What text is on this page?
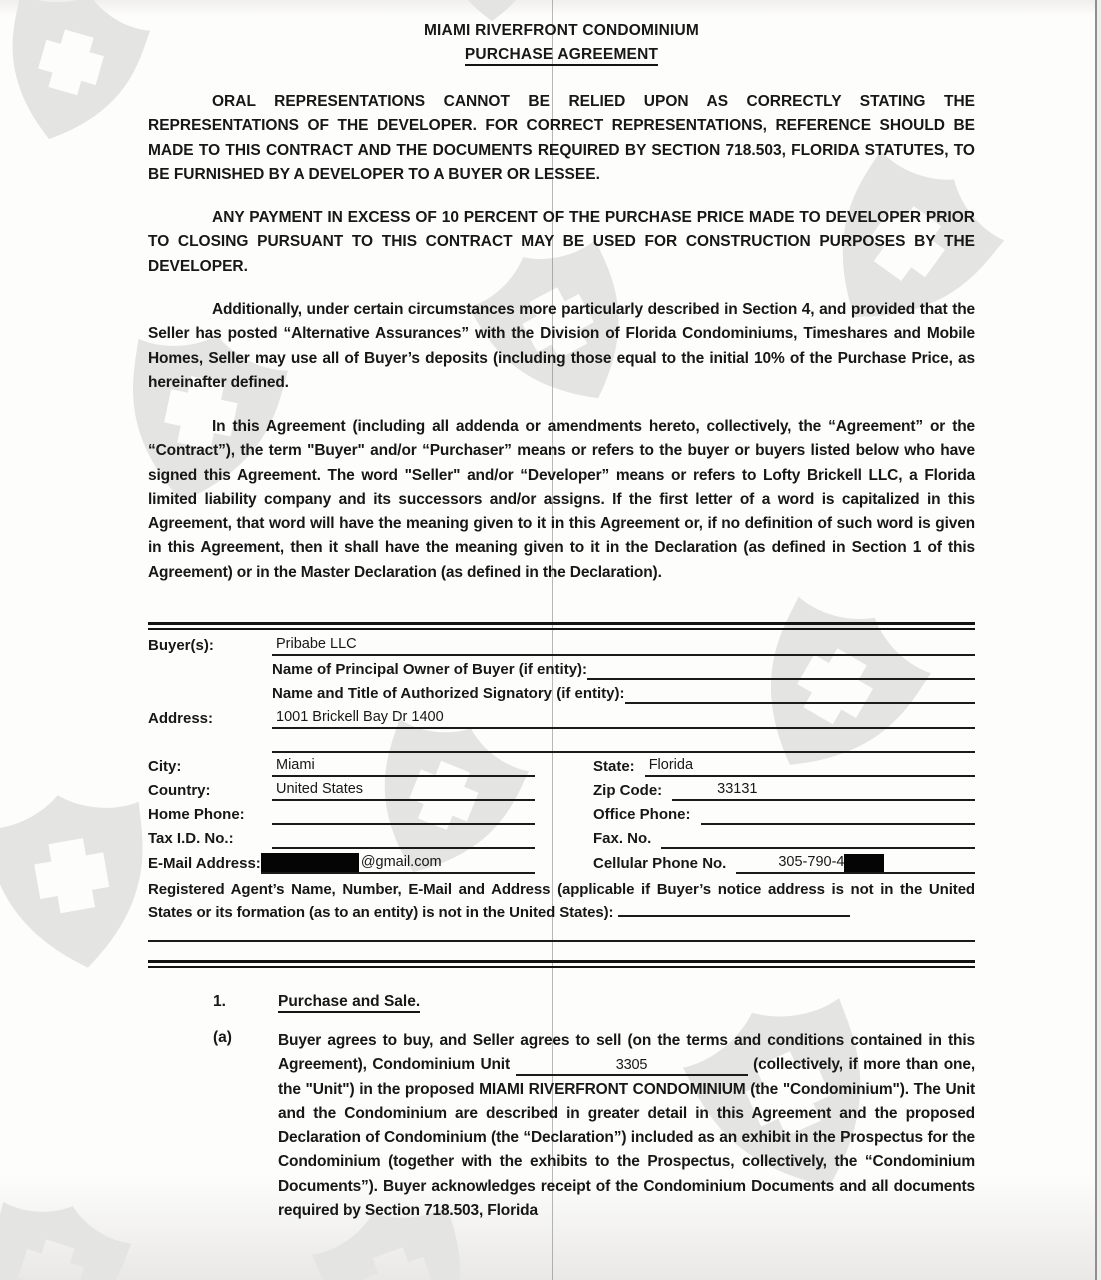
MIAMI RIVERFRONT CONDOMINIUM
PURCHASE AGREEMENT
ORAL REPRESENTATIONS CANNOT BE RELIED UPON AS CORRECTLY STATING THE REPRESENTATIONS OF THE DEVELOPER. FOR CORRECT REPRESENTATIONS, REFERENCE SHOULD BE MADE TO THIS CONTRACT AND THE DOCUMENTS REQUIRED BY SECTION 718.503, FLORIDA STATUTES, TO BE FURNISHED BY A DEVELOPER TO A BUYER OR LESSEE.
ANY PAYMENT IN EXCESS OF 10 PERCENT OF THE PURCHASE PRICE MADE TO DEVELOPER PRIOR TO CLOSING PURSUANT TO THIS CONTRACT MAY BE USED FOR CONSTRUCTION PURPOSES BY THE DEVELOPER.
Additionally, under certain circumstances more particularly described in Section 4, and provided that the Seller has posted “Alternative Assurances” with the Division of Florida Condominiums, Timeshares and Mobile Homes, Seller may use all of Buyer’s deposits (including those equal to the initial 10% of the Purchase Price, as hereinafter defined.
In this Agreement (including all addenda or amendments hereto, collectively, the “Agreement” or the “Contract”), the term "Buyer" and/or “Purchaser” means or refers to the buyer or buyers listed below who have signed this Agreement. The word "Seller" and/or “Developer” means or refers to Lofty Brickell LLC, a Florida limited liability company and its successors and/or assigns. If the first letter of a word is capitalized in this Agreement, that word will have the meaning given to it in this Agreement or, if no definition of such word is given in this Agreement, then it shall have the meaning given to it in the Declaration (as defined in Section 1 of this Agreement) or in the Master Declaration (as defined in the Declaration).
Buyer(s):	Pribabe LLC
Name of Principal Owner of Buyer (if entity):
Name and Title of Authorized Signatory (if entity):
Address:	1001 Brickell Bay Dr 1400
City:	Miami	State: Florida
Country:	United States	Zip Code:	33131
Home Phone:	Office Phone:
Tax I.D. No.:	Fax. No.
E-Mail Address:	@gmail.com	Cellular Phone No.	305-790-4
Registered Agent’s Name, Number, E-Mail and Address (applicable if Buyer’s notice address is not in the United States or its formation (as to an entity) is not in the United States):
1.	Purchase and Sale.
(a)	Buyer agrees to buy, and Seller agrees to sell (on the terms and conditions contained in this Agreement), Condominium Unit	3305	(collectively, if more than one, the "Unit") in the proposed MIAMI RIVERFRONT CONDOMINIUM (the "Condominium"). The Unit and the Condominium are described in greater detail in this Agreement and the proposed Declaration of Condominium (the “Declaration”) included as an exhibit in the Prospectus for the Condominium (together with the exhibits to the Prospectus, collectively, the “Condominium Documents”). Buyer acknowledges receipt of the Condominium Documents and all documents required by Section 718.503, Florida
